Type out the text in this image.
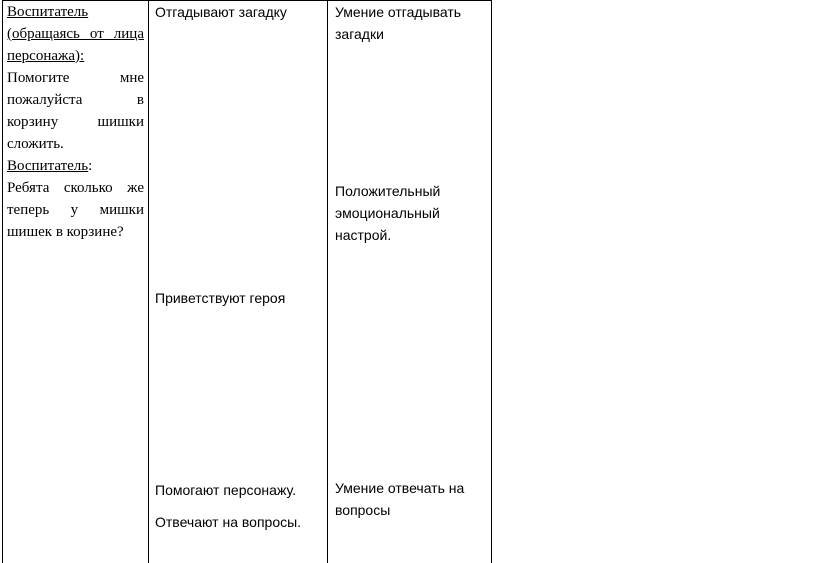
Воспитатель
(обращаясь от лица
персонажа):
Помогите мне
пожалуйста в
корзину шишки
сложить.
Воспитатель:
Ребята сколько же
теперь у мишки
шишек в корзине?
Отгадывают загадку
Приветствуют героя
Помогают персонажу.
Отвечают на вопросы.
Умение отгадывать
загадки
Положительный
эмоциональный
настрой.
Умение отвечать на
вопросы
